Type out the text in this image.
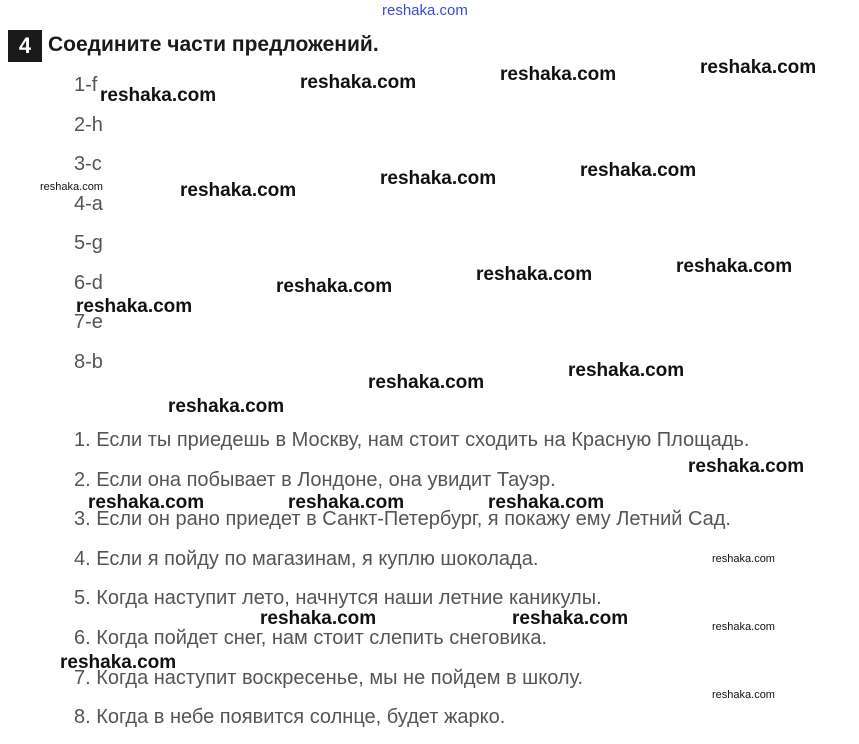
reshaka.com
4 Соедините части предложений.
1-f
2-h
3-c
4-a
5-g
6-d
7-e
8-b
1. Если ты приедешь в Москву, нам стоит сходить на Красную Площадь.
2. Если она побывает в Лондоне, она увидит Тауэр.
3. Если он рано приедет в Санкт-Петербург, я покажу ему Летний Сад.
4. Если я пойду по магазинам, я куплю шоколада.
5. Когда наступит лето, начнутся наши летние каникулы.
6. Когда пойдет снег, нам стоит слепить снеговика.
7. Когда наступит воскресенье, мы не пойдем в школу.
8. Когда в небе появится солнце, будет жарко.
reshaka.com
reshaka.com	reshaka.com	reshaka.com
reshaka.com	reshaka.com
reshaka.com	reshaka.com
reshaka.com	reshaka.com
reshaka.com
reshaka.com
reshaka.com
reshaka.com
reshaka.com
reshaka.com
reshaka.com	reshaka.com	reshaka.com
reshaka.com
reshaka.com	reshaka.com	reshaka.com
reshaka.com
reshaka.com
